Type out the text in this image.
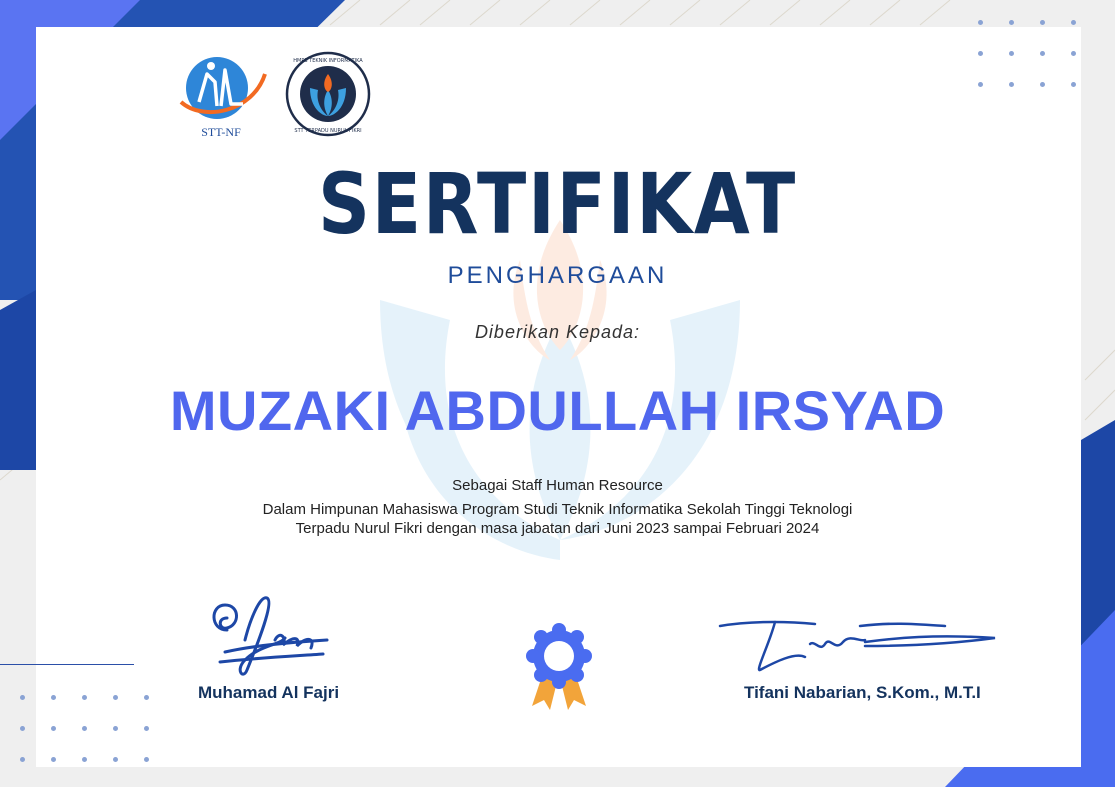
STT-NF
HMPS TEKNIK INFORMATIKA
STT TERPADU NURUL FIKRI
SERTIFIKAT
PENGHARGAAN
Diberikan Kepada:
MUZAKI ABDULLAH IRSYAD
Sebagai Staff Human Resource
Dalam Himpunan Mahasiswa Program Studi Teknik Informatika Sekolah Tinggi Teknologi
Terpadu Nurul Fikri dengan masa jabatan dari Juni 2023 sampai Februari 2024
Muhamad Al Fajri	Tifani Nabarian, S.Kom., M.T.I
